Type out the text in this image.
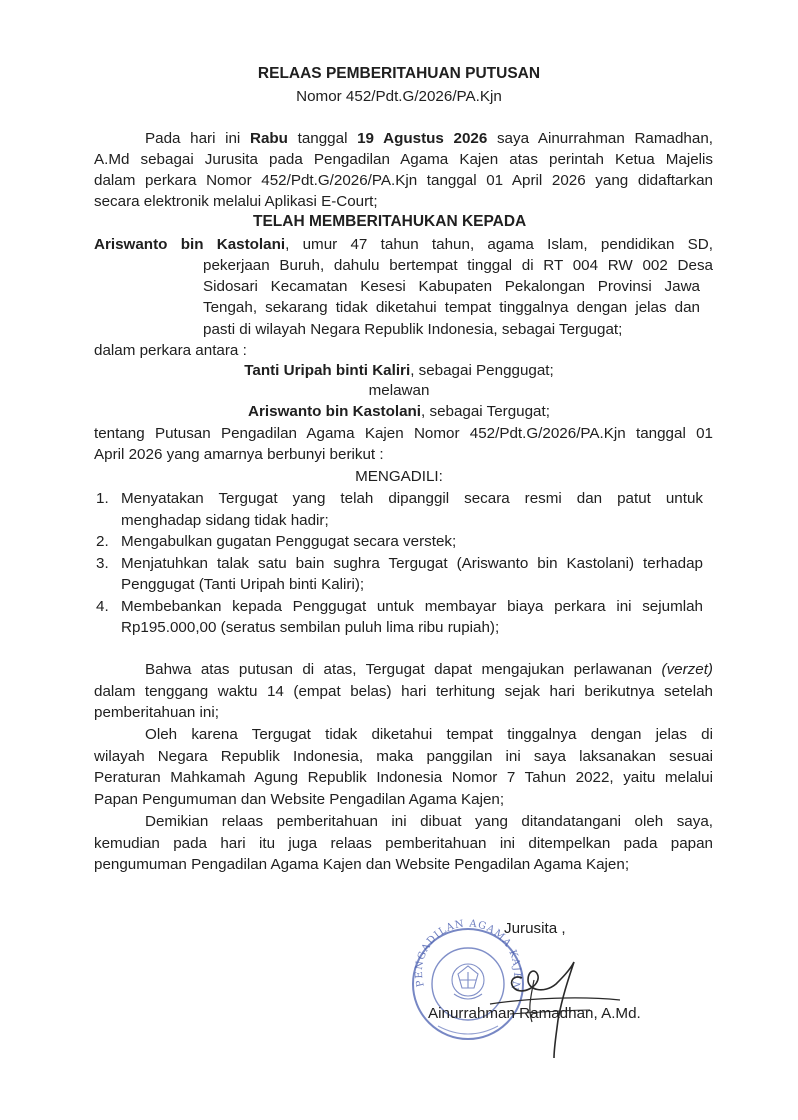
RELAAS PEMBERITAHUAN PUTUSAN
Nomor 452/Pdt.G/2026/PA.Kjn
Pada hari ini Rabu tanggal 19 Agustus 2026 saya Ainurrahman Ramadhan,
A.Md sebagai Jurusita pada Pengadilan Agama Kajen atas perintah Ketua Majelis
dalam perkara Nomor 452/Pdt.G/2026/PA.Kjn tanggal 01 April 2026 yang didaftarkan
secara elektronik melalui Aplikasi E-Court;
TELAH MEMBERITAHUKAN KEPADA
Ariswanto bin Kastolani, umur 47 tahun tahun, agama Islam, pendidikan SD,
pekerjaan Buruh, dahulu bertempat tinggal di RT 004 RW 002 Desa
Sidosari Kecamatan Kesesi Kabupaten Pekalongan Provinsi Jawa
Tengah, sekarang tidak diketahui tempat tinggalnya dengan jelas dan
pasti di wilayah Negara Republik Indonesia, sebagai Tergugat;
dalam perkara antara :
Tanti Uripah binti Kaliri, sebagai Penggugat;
melawan
Ariswanto bin Kastolani, sebagai Tergugat;
tentang Putusan Pengadilan Agama Kajen Nomor 452/Pdt.G/2026/PA.Kjn tanggal 01
April 2026 yang amarnya berbunyi berikut :
MENGADILI:
1. Menyatakan Tergugat yang telah dipanggil secara resmi dan patut untuk
menghadap sidang tidak hadir;
2. Mengabulkan gugatan Penggugat secara verstek;
3. Menjatuhkan talak satu bain sughra Tergugat (Ariswanto bin Kastolani) terhadap
Penggugat (Tanti Uripah binti Kaliri);
4. Membebankan kepada Penggugat untuk membayar biaya perkara ini sejumlah
Rp195.000,00 (seratus sembilan puluh lima ribu rupiah);
Bahwa atas putusan di atas, Tergugat dapat mengajukan perlawanan (verzet)
dalam tenggang waktu 14 (empat belas) hari terhitung sejak hari berikutnya setelah
pemberitahuan ini;
Oleh karena Tergugat tidak diketahui tempat tinggalnya dengan jelas di
wilayah Negara Republik Indonesia, maka panggilan ini saya laksanakan sesuai
Peraturan Mahkamah Agung Republik Indonesia Nomor 7 Tahun 2022, yaitu melalui
Papan Pengumuman dan Website Pengadilan Agama Kajen;
Demikian relaas pemberitahuan ini dibuat yang ditandatangani oleh saya,
kemudian pada hari itu juga relaas pemberitahuan ini ditempelkan pada papan
pengumuman Pengadilan Agama Kajen dan Website Pengadilan Agama Kajen;
PENGADILAN AGAMA KAJEN
Jurusita ,
Ainurrahman Ramadhan, A.Md.
